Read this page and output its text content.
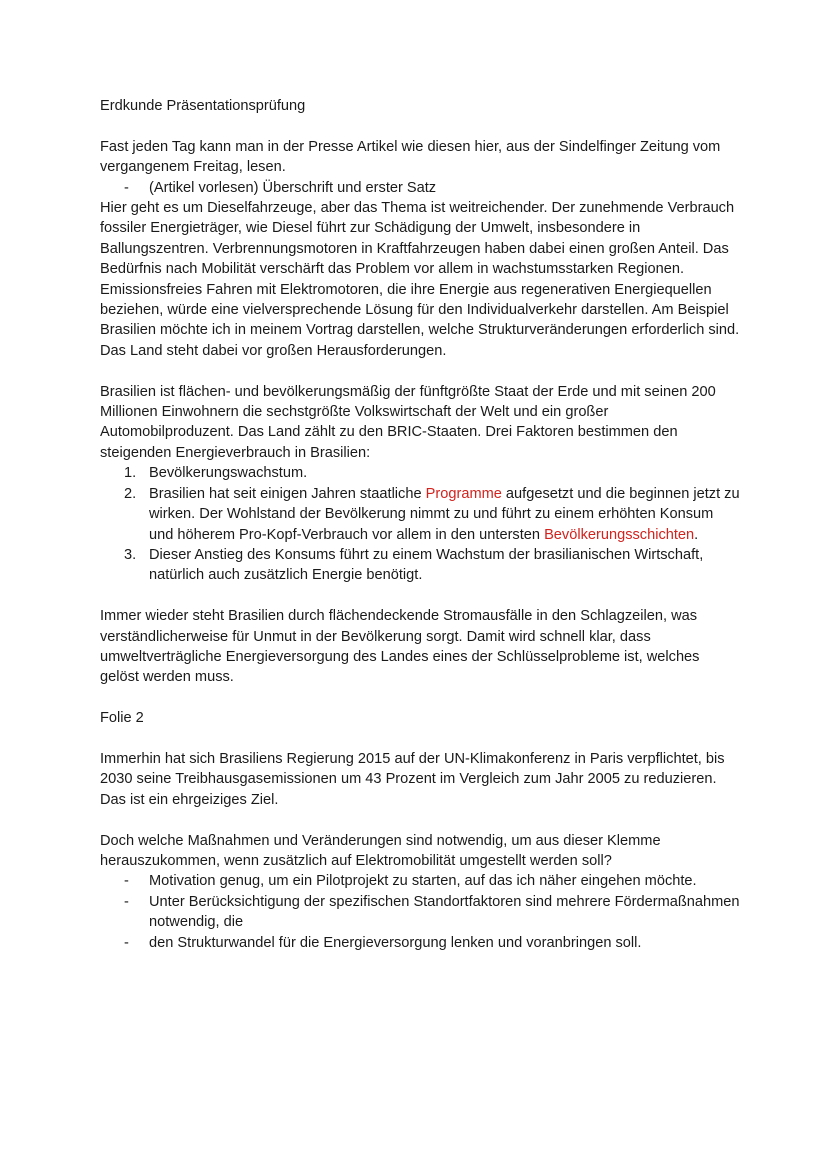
Erdkunde Präsentationsprüfung

Fast jeden Tag kann man in der Presse Artikel wie diesen hier, aus der Sindelfinger Zeitung vom vergangenem Freitag, lesen.

- (Artikel vorlesen) Überschrift und erster Satz

Hier geht es um Dieselfahrzeuge, aber das Thema ist weitreichender. Der zunehmende Verbrauch fossiler Energieträger, wie Diesel führt zur Schädigung der Umwelt, insbesondere in Ballungszentren. Verbrennungsmotoren in Kraftfahrzeugen haben dabei einen großen Anteil. Das Bedürfnis nach Mobilität verschärft das Problem vor allem in wachstumsstarken Regionen. Emissionsfreies Fahren mit Elektromotoren, die ihre Energie aus regenerativen Energiequellen beziehen, würde eine vielversprechende Lösung für den Individualverkehr darstellen. Am Beispiel Brasilien möchte ich in meinem Vortrag darstellen, welche Strukturveränderungen erforderlich sind. Das Land steht dabei vor großen Herausforderungen.

Brasilien ist flächen- und bevölkerungsmäßig der fünftgrößte Staat der Erde und mit seinen 200 Millionen Einwohnern die sechstgrößte Volkswirtschaft der Welt und ein großer Automobilproduzent. Das Land zählt zu den BRIC-Staaten. Drei Faktoren bestimmen den steigenden Energieverbrauch in Brasilien:

1. Bevölkerungswachstum.
2. Brasilien hat seit einigen Jahren staatliche Programme aufgesetzt und die beginnen jetzt zu wirken. Der Wohlstand der Bevölkerung nimmt zu und führt zu einem erhöhten Konsum und höherem Pro-Kopf-Verbrauch vor allem in den untersten Bevölkerungsschichten.
3. Dieser Anstieg des Konsums führt zu einem Wachstum der brasilianischen Wirtschaft, natürlich auch zusätzlich Energie benötigt.

Immer wieder steht Brasilien durch flächendeckende Stromausfälle in den Schlagzeilen, was verständlicherweise für Unmut in der Bevölkerung sorgt. Damit wird schnell klar, dass umweltverträgliche Energieversorgung des Landes eines der Schlüsselprobleme ist, welches gelöst werden muss.

Folie 2

Immerhin hat sich Brasiliens Regierung 2015 auf der UN-Klimakonferenz in Paris verpflichtet, bis 2030 seine Treibhausgasemissionen um 43 Prozent im Vergleich zum Jahr 2005 zu reduzieren. Das ist ein ehrgeiziges Ziel.

Doch welche Maßnahmen und Veränderungen sind notwendig, um aus dieser Klemme herauszukommen, wenn zusätzlich auf Elektromobilität umgestellt werden soll?

- Motivation genug, um ein Pilotprojekt zu starten, auf das ich näher eingehen möchte.
- Unter Berücksichtigung der spezifischen Standortfaktoren sind mehrere Fördermaßnahmen notwendig, die
- den Strukturwandel für die Energieversorgung lenken und voranbringen soll.
